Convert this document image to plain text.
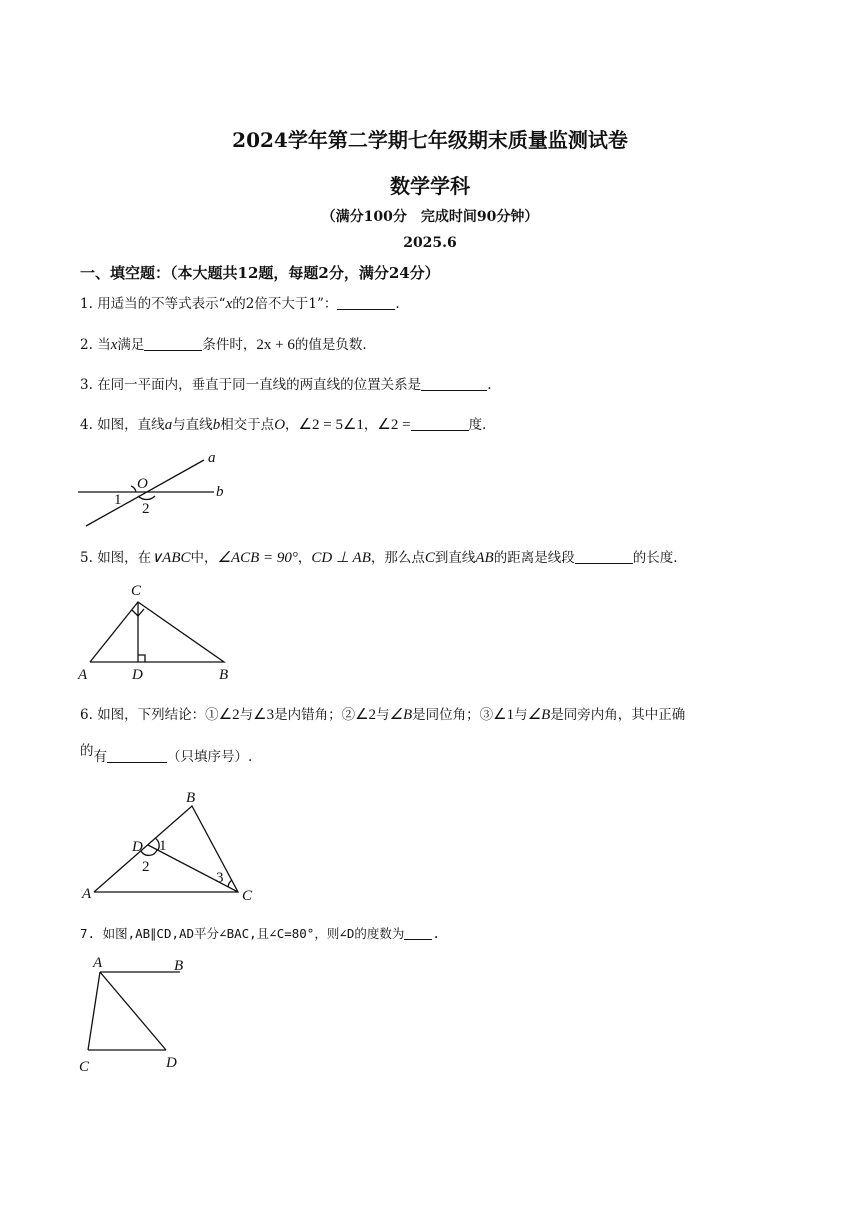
2024学年第二学期七年级期末质量监测试卷
数学学科
（满分100分　完成时间90分钟）
2025.6
一、填空题：（本大题共12题，每题2分，满分24分）
1. 用适当的不等式表示“x的2倍不大于1”：	.
2. 当x满足	条件时，2x + 6的值是负数.
3. 在同一平面内，垂直于同一直线的两直线的位置关系是	.
4. 如图，直线a与直线b相交于点O，∠2 = 5∠1，∠2 =	度.
a
b
O
1
2
5. 如图，在∨ABC中，∠ACB = 90°，CD ⊥ AB，那么点C到直线AB的距离是线段	的长度.
C
A	D	B
6. 如图，下列结论：①∠2与∠3是内错角；②∠2与∠B是同位角；③∠1与∠B是同旁内角，其中正确
的有	（只填序号）.
B
D 1
2
3
A	C
7. 如图,AB∥CD,AD平分∠BAC,且∠C=80°，则∠D的度数为 .
A	B
C	D
